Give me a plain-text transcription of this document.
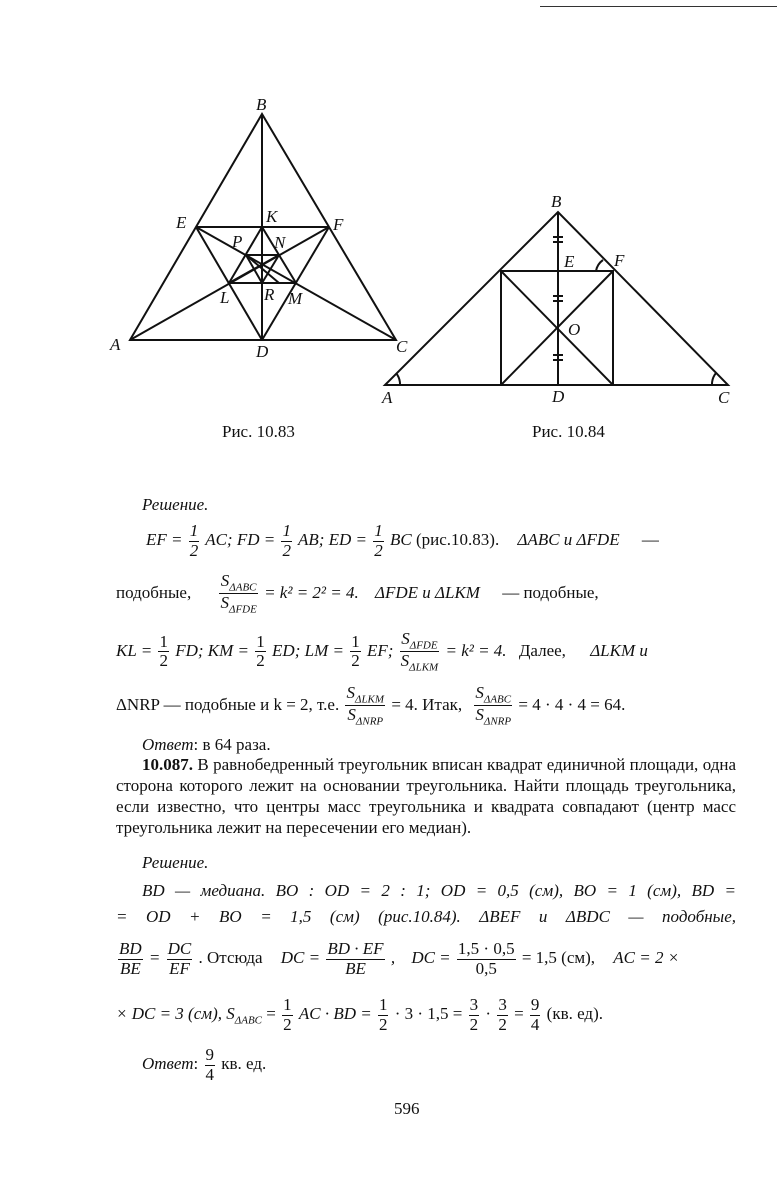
B
E	K	F
P N
L R M
A	D	C
Рис. 10.83
B
E F
O
A	D	C
Рис. 10.84
Решение.
EF = $\frac{1}{2}$ AC; FD = $\frac{1}{2}$ AB; ED = $\frac{1}{2}$ BC (рис.10.83). ΔABC и ΔFDE —
подобные, $\frac{S_{\Delta ABC}}{S_{\Delta FDE}} = k^2 = 2^2 = 4$. ΔFDE и ΔLKM — подобные,
KL = $\frac{1}{2}$ FD; KM = $\frac{1}{2}$ ED; LM = $\frac{1}{2}$ EF; $\frac{S_{\Delta FDE}}{S_{\Delta LKM}} = k^2 = 4$. Далее, ΔLKM и
ΔNRP — подобные и k = 2, т.е. $\frac{S_{\Delta LKM}}{S_{\Delta NRP}} = 4$. Итак, $\frac{S_{\Delta ABC}}{S_{\Delta NRP}} = 4 \cdot 4 \cdot 4 = 64$.
Ответ: в 64 раза.
10.087. В равнобедренный треугольник вписан квадрат единичной площади, одна сторона которого лежит на основании треугольника. Найти площадь треугольника, если известно, что центры масс треугольника и квадрата совпадают (центр масс треугольника лежит на пересечении его медиан).
Решение.
BD — медиана. BO : OD = 2 : 1; OD = 0,5 (см), BO = 1 (см), BD =
= OD + BO = 1,5 (см) (рис.10.84). ΔBEF и ΔBDC — подобные,
$\frac{BD}{BE} = \frac{DC}{EF}$ . Отсюда DC = $\frac{BD \cdot EF}{BE}$ , DC = $\frac{1,5 \cdot 0,5}{0,5} = 1,5$ (см), AC = 2 ×
× DC = 3 (см), $S_{\Delta ABC} = \frac{1}{2}$ AC · BD = $\frac{1}{2} \cdot 3 \cdot 1,5 = \frac{3}{2} \cdot \frac{3}{2} = \frac{9}{4} (кв$. ед).
Ответ: $\frac{9}{4}$ кв. ед.
596
